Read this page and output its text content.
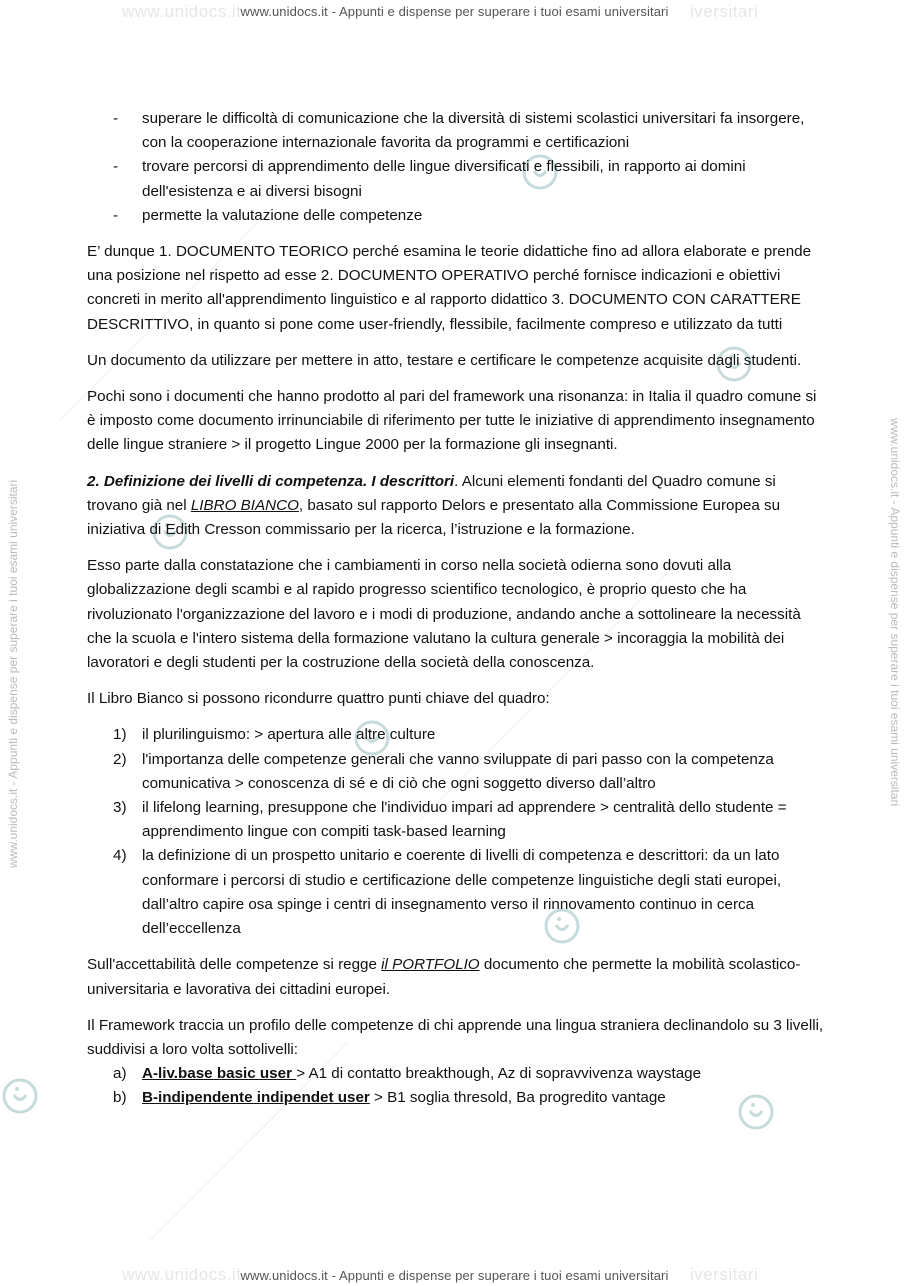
www.unidocs.it www.unidocs.it - Appunti e dispense per superare i tuoi esami universitari	iversitari
www.unidocs.it www.unidocs.it - Appunti e dispense per superare i tuoi esami universitari	iversitari
www.unidocs.it - Appunti e dispense per superare i tuoi esami universitari	www.unidocs.it - Appunti e dispense per superare i tuoi esami universitari
- superare le difficoltà di comunicazione che la diversità di sistemi scolastici universitari fa insorgere, con la cooperazione internazionale favorita da programmi e certificazioni
- trovare percorsi di apprendimento delle lingue diversificati e flessibili, in rapporto ai domini dell'esistenza e ai diversi bisogni
- permette la valutazione delle competenze

E’ dunque 1. DOCUMENTO TEORICO perché esamina le teorie didattiche fino ad allora elaborate e prende una posizione nel rispetto ad esse 2. DOCUMENTO OPERATIVO perché fornisce indicazioni e obiettivi concreti in merito all'apprendimento linguistico e al rapporto didattico 3. DOCUMENTO CON CARATTERE DESCRITTIVO, in quanto si pone come user-friendly, flessibile, facilmente compreso e utilizzato da tutti

Un documento da utilizzare per mettere in atto, testare e certificare le competenze acquisite dagli studenti.

Pochi sono i documenti che hanno prodotto al pari del framework una risonanza: in Italia il quadro comune si è imposto come documento irrinunciabile di riferimento per tutte le iniziative di apprendimento insegnamento delle lingue straniere > il progetto Lingue 2000 per la formazione gli insegnanti.

2. Definizione dei livelli di competenza. I descrittori. Alcuni elementi fondanti del Quadro comune si trovano già nel LIBRO BIANCO, basato sul rapporto Delors e presentato alla Commissione Europea su iniziativa di Edith Cresson commissario per la ricerca, l’istruzione e la formazione.

Esso parte dalla constatazione che i cambiamenti in corso nella società odierna sono dovuti alla globalizzazione degli scambi e al rapido progresso scientifico tecnologico, è proprio questo che ha rivoluzionato l'organizzazione del lavoro e i modi di produzione, andando anche a sottolineare la necessità che la scuola e l'intero sistema della formazione valutano la cultura generale > incoraggia la mobilità dei lavoratori e degli studenti per la costruzione della società della conoscenza.

Il Libro Bianco si possono ricondurre quattro punti chiave del quadro:

1) il plurilinguismo: > apertura alle altre culture
2) l'importanza delle competenze generali che vanno sviluppate di pari passo con la competenza comunicativa > conoscenza di sé e di ciò che ogni soggetto diverso dall’altro
3) il lifelong learning, presuppone che l'individuo impari ad apprendere > centralità dello studente = apprendimento lingue con compiti task-based learning
4) la definizione di un prospetto unitario e coerente di livelli di competenza e descrittori: da un lato conformare i percorsi di studio e certificazione delle competenze linguistiche degli stati europei, dall’altro capire osa spinge i centri di insegnamento verso il rinnovamento continuo in cerca dell’eccellenza

Sull'accettabilità delle competenze si regge il PORTFOLIO documento che permette la mobilità scolastico-universitaria e lavorativa dei cittadini europei.

Il Framework traccia un profilo delle competenze di chi apprende una lingua straniera declinandolo su 3 livelli, suddivisi a loro volta sottolivelli:

a) A-liv.base basic user > A1 di contatto breakthough, Az di sopravvivenza waystage
b) B-indipendente indipendet user > B1 soglia thresold, Ba progredito vantage
